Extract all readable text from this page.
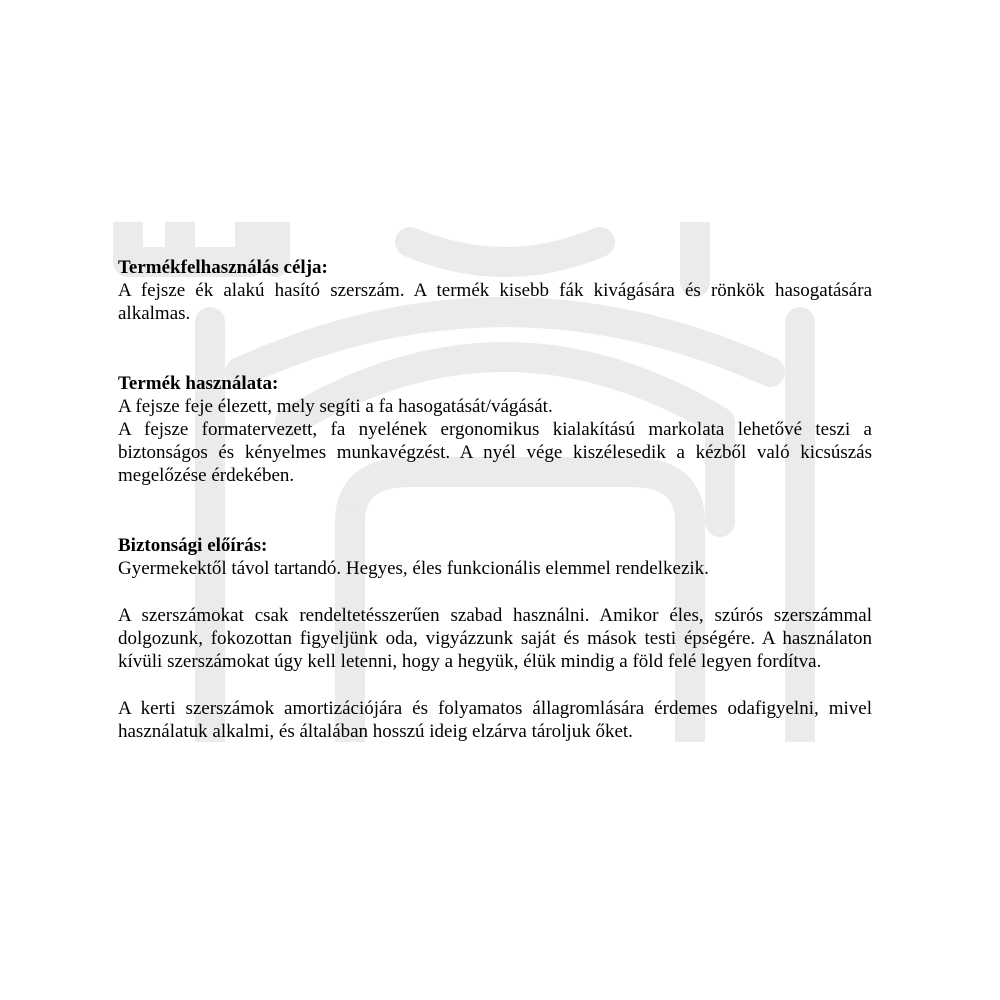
Termékfelhasználás célja:

A fejsze ék alakú hasító szerszám. A termék kisebb fák kivágására és rönkök hasogatására alkalmas.

Termék használata:

A fejsze feje élezett, mely segíti a fa hasogatását/vágását.

A fejsze formatervezett, fa nyelének ergonomikus kialakítású markolata lehetővé teszi a biztonságos és kényelmes munkavégzést. A nyél vége kiszélesedik a kézből való kicsúszás megelőzése érdekében.

Biztonsági előírás:

Gyermekektől távol tartandó. Hegyes, éles funkcionális elemmel rendelkezik.

A szerszámokat csak rendeltetésszerűen szabad használni. Amikor éles, szúrós szerszámmal dolgozunk, fokozottan figyeljünk oda, vigyázzunk saját és mások testi épségére. A használaton kívüli szerszámokat úgy kell letenni, hogy a hegyük, élük mindig a föld felé legyen fordítva.

A kerti szerszámok amortizációjára és folyamatos állagromlására érdemes odafigyelni, mivel használatuk alkalmi, és általában hosszú ideig elzárva tároljuk őket.
